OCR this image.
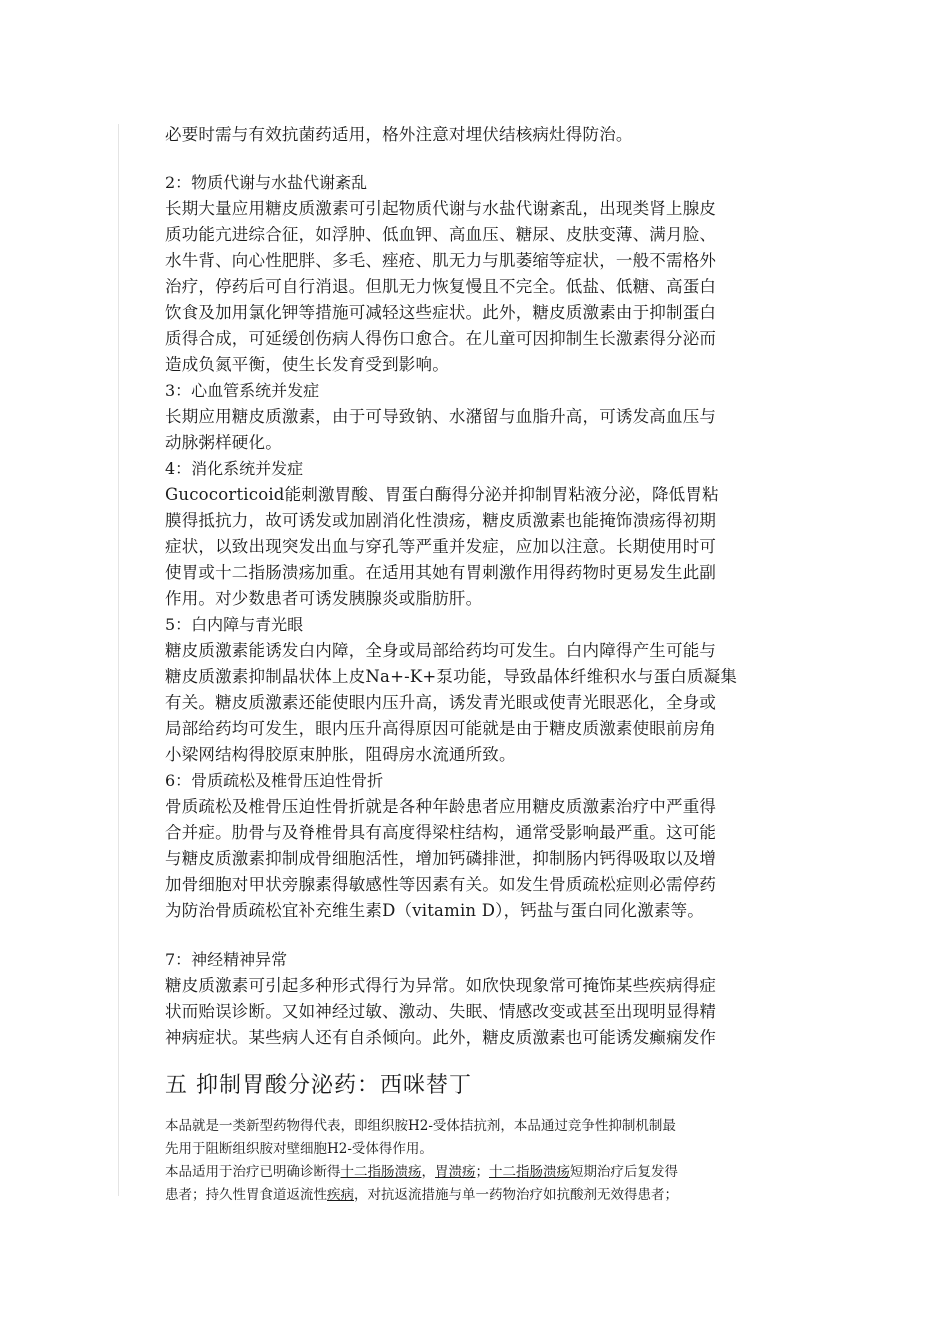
必要时需与有效抗菌药适用，格外注意对埋伏结核病灶得防治。
2：物质代谢与水盐代谢紊乱
长期大量应用糖皮质激素可引起物质代谢与水盐代谢紊乱，出现类肾上腺皮
质功能亢进综合征，如浮肿、低血钾、高血压、糖尿、皮肤变薄、满月脸、
水牛背、向心性肥胖、多毛、痤疮、肌无力与肌萎缩等症状，一般不需格外
治疗，停药后可自行消退。但肌无力恢复慢且不完全。低盐、低糖、高蛋白
饮食及加用氯化钾等措施可减轻这些症状。此外，糖皮质激素由于抑制蛋白
质得合成，可延缓创伤病人得伤口愈合。在儿童可因抑制生长激素得分泌而
造成负氮平衡，使生长发育受到影响。
3：心血管系统并发症
长期应用糖皮质激素，由于可导致钠、水潴留与血脂升高，可诱发高血压与
动脉粥样硬化。
4：消化系统并发症
Gucocorticoid能刺激胃酸、胃蛋白酶得分泌并抑制胃粘液分泌，降低胃粘
膜得抵抗力，故可诱发或加剧消化性溃疡，糖皮质激素也能掩饰溃疡得初期
症状，以致出现突发出血与穿孔等严重并发症，应加以注意。长期使用时可
使胃或十二指肠溃疡加重。在适用其她有胃刺激作用得药物时更易发生此副
作用。对少数患者可诱发胰腺炎或脂肪肝。
5：白内障与青光眼
糖皮质激素能诱发白内障，全身或局部给药均可发生。白内障得产生可能与
糖皮质激素抑制晶状体上皮Na+-K+泵功能，导致晶体纤维积水与蛋白质凝集
有关。糖皮质激素还能使眼内压升高，诱发青光眼或使青光眼恶化，全身或
局部给药均可发生，眼内压升高得原因可能就是由于糖皮质激素使眼前房角
小梁网结构得胶原束肿胀，阻碍房水流通所致。
6：骨质疏松及椎骨压迫性骨折
骨质疏松及椎骨压迫性骨折就是各种年龄患者应用糖皮质激素治疗中严重得
合并症。肋骨与及脊椎骨具有高度得梁柱结构，通常受影响最严重。这可能
与糖皮质激素抑制成骨细胞活性，增加钙磷排泄，抑制肠内钙得吸取以及增
加骨细胞对甲状旁腺素得敏感性等因素有关。如发生骨质疏松症则必需停药
为防治骨质疏松宜补充维生素D（vitamin D），钙盐与蛋白同化激素等。
7：神经精神异常
糖皮质激素可引起多种形式得行为异常。如欣快现象常可掩饰某些疾病得症
状而贻误诊断。又如神经过敏、激动、失眠、情感改变或甚至出现明显得精
神病症状。某些病人还有自杀倾向。此外，糖皮质激素也可能诱发癫痫发作
五 抑制胃酸分泌药：西咪替丁
本品就是一类新型药物得代表，即组织胺H2-受体拮抗剂，本品通过竞争性抑制机制最
先用于阻断组织胺对壁细胞H2-受体得作用。
本品适用于治疗已明确诊断得十二指肠溃疡，胃溃疡；十二指肠溃疡短期治疗后复发得
患者；持久性胃食道返流性疾病，对抗返流措施与单一药物治疗如抗酸剂无效得患者；
